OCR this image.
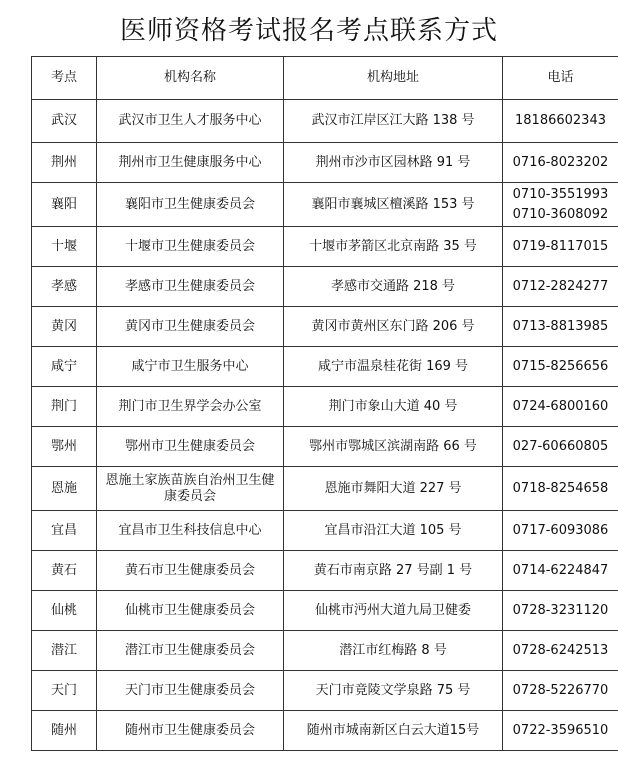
医师资格考试报名考点联系方式
考点	机构名称	机构地址	电话
武汉	武汉市卫生人才服务中心	武汉市江岸区江大路 138 号	18186602343

荆州	荆州市卫生健康服务中心	荆州市沙市区园林路 91 号	0716-8023202

襄阳	襄阳市卫生健康委员会	襄阳市襄城区檀溪路 153 号	0710-3551993
0710-3608092

十堰	十堰市卫生健康委员会	十堰市茅箭区北京南路 35 号	0719-8117015

孝感	孝感市卫生健康委员会	孝感市交通路 218 号	0712-2824277

黄冈	黄冈市卫生健康委员会	黄冈市黄州区东门路 206 号	0713-8813985

咸宁	咸宁市卫生服务中心	咸宁市温泉桂花街 169 号	0715-8256656

荆门	荆门市卫生界学会办公室	荆门市象山大道 40 号	0724-6800160

鄂州	鄂州市卫生健康委员会	鄂州市鄂城区滨湖南路 66 号	027-60660805

恩施	恩施土家族苗族自治州卫生健康委员会	恩施市舞阳大道 227 号	0718-8254658

宜昌	宜昌市卫生科技信息中心	宜昌市沿江大道 105 号	0717-6093086

黄石	黄石市卫生健康委员会	黄石市南京路 27 号副 1 号	0714-6224847

仙桃	仙桃市卫生健康委员会	仙桃市沔州大道九局卫健委	0728-3231120

潜江	潜江市卫生健康委员会	潜江市红梅路 8 号	0728-6242513

天门	天门市卫生健康委员会	天门市竟陵文学泉路 75 号	0728-5226770

随州	随州市卫生健康委员会	随州市城南新区白云大道15号	0722-3596510
